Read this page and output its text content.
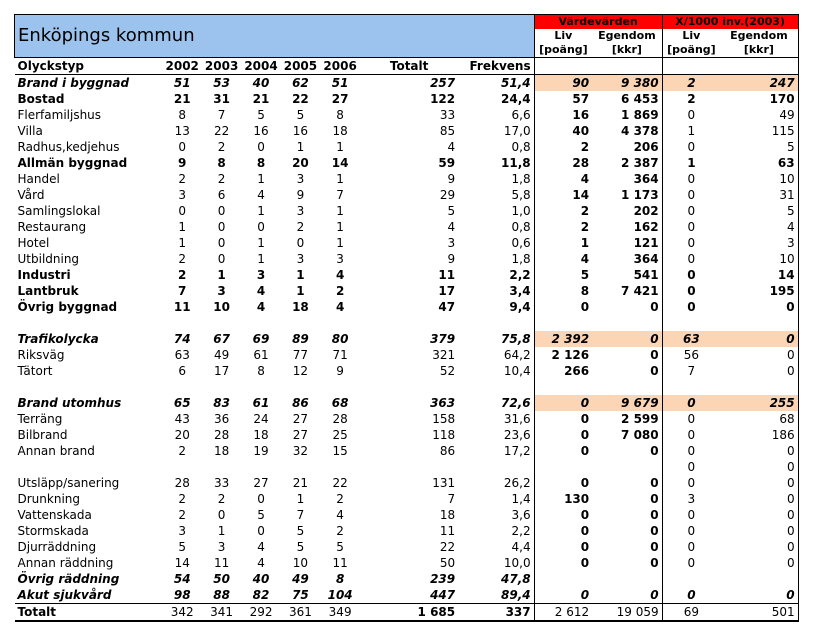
Enköpings kommun								Värdevärden		X/1000 inv.(2003)	
								Liv	Egendom	Liv	Egendom
								[poäng]	[kkr]	[poäng]	[kkr]
Olyckstyp	2002	2003	2004	2005	2006	Totalt	Frekvens				
Brand i byggnad	51	53	40	62	51	257	51,4	90	9 380	2	247
Bostad	21	31	21	22	27	122	24,4	57	6 453	2	170
Flerfamiljshus	8	7	5	5	8	33	6,6	16	1 869	0	49
Villa	13	22	16	16	18	85	17,0	40	4 378	1	115
Radhus,kedjehus	0	2	0	1	1	4	0,8	2	206	0	5
Allmän byggnad	9	8	8	20	14	59	11,8	28	2 387	1	63
Handel	2	2	1	3	1	9	1,8	4	364	0	10
Vård	3	6	4	9	7	29	5,8	14	1 173	0	31
Samlingslokal	0	0	1	3	1	5	1,0	2	202	0	5
Restaurang	1	0	0	2	1	4	0,8	2	162	0	4
Hotel	1	0	1	0	1	3	0,6	1	121	0	3
Utbildning	2	0	1	3	3	9	1,8	4	364	0	10
Industri	2	1	3	1	4	11	2,2	5	541	0	14
Lantbruk	7	3	4	1	2	17	3,4	8	7 421	0	195
Övrig byggnad	11	10	4	18	4	47	9,4	0	0	0	0

Trafikolycka	74	67	69	89	80	379	75,8	2 392	0	63	0
Riksväg	63	49	61	77	71	321	64,2	2 126	0	56	0
Tätort	6	17	8	12	9	52	10,4	266	0	7	0

Brand utomhus	65	83	61	86	68	363	72,6	0	9 679	0	255
Terräng	43	36	24	27	28	158	31,6	0	2 599	0	68
Bilbrand	20	28	18	27	25	118	23,6	0	7 080	0	186
Annan brand	2	18	19	32	15	86	17,2	0	0	0	0
										0	0
Utsläpp/sanering	28	33	27	21	22	131	26,2	0	0	0	0
Drunkning	2	2	0	1	2	7	1,4	130	0	3	0
Vattenskada	2	0	5	7	4	18	3,6	0	0	0	0
Stormskada	3	1	0	5	2	11	2,2	0	0	0	0
Djurräddning	5	3	4	5	5	22	4,4	0	0	0	0
Annan räddning	14	11	4	10	11	50	10,0	0	0	0	0
Övrig räddning	54	50	40	49	8	239	47,8				
Akut sjukvård	98	88	82	75	104	447	89,4	0	0	0	0
Totalt	342	341	292	361	349	1 685	337	2 612	19 059	69	501
